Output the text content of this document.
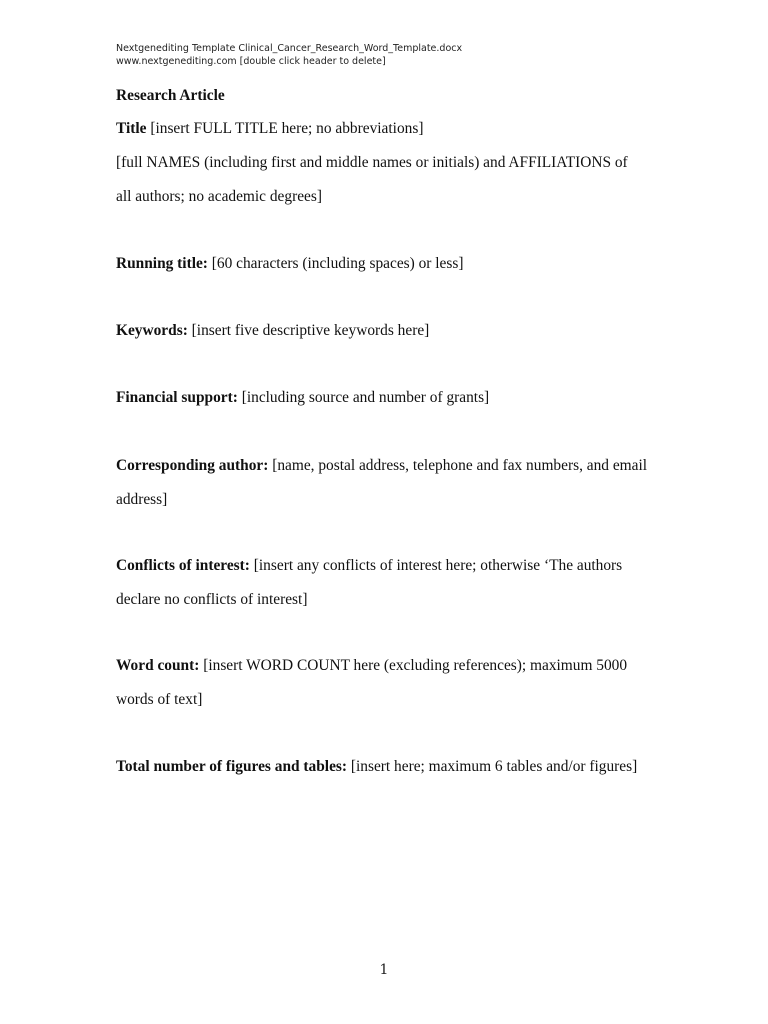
Nextgenediting Template Clinical_Cancer_Research_Word_Template.docx
www.nextgenediting.com [double click header to delete]
Research Article
Title [insert FULL TITLE here; no abbreviations]
[full NAMES (including first and middle names or initials) and AFFILIATIONS of
all authors; no academic degrees]
Running title: [60 characters (including spaces) or less]
Keywords: [insert five descriptive keywords here]
Financial support: [including source and number of grants]
Corresponding author: [name, postal address, telephone and fax numbers, and email
address]
Conflicts of interest: [insert any conflicts of interest here; otherwise ‘The authors
declare no conflicts of interest]
Word count: [insert WORD COUNT here (excluding references); maximum 5000
words of text]
Total number of figures and tables: [insert here; maximum 6 tables and/or figures]
1
